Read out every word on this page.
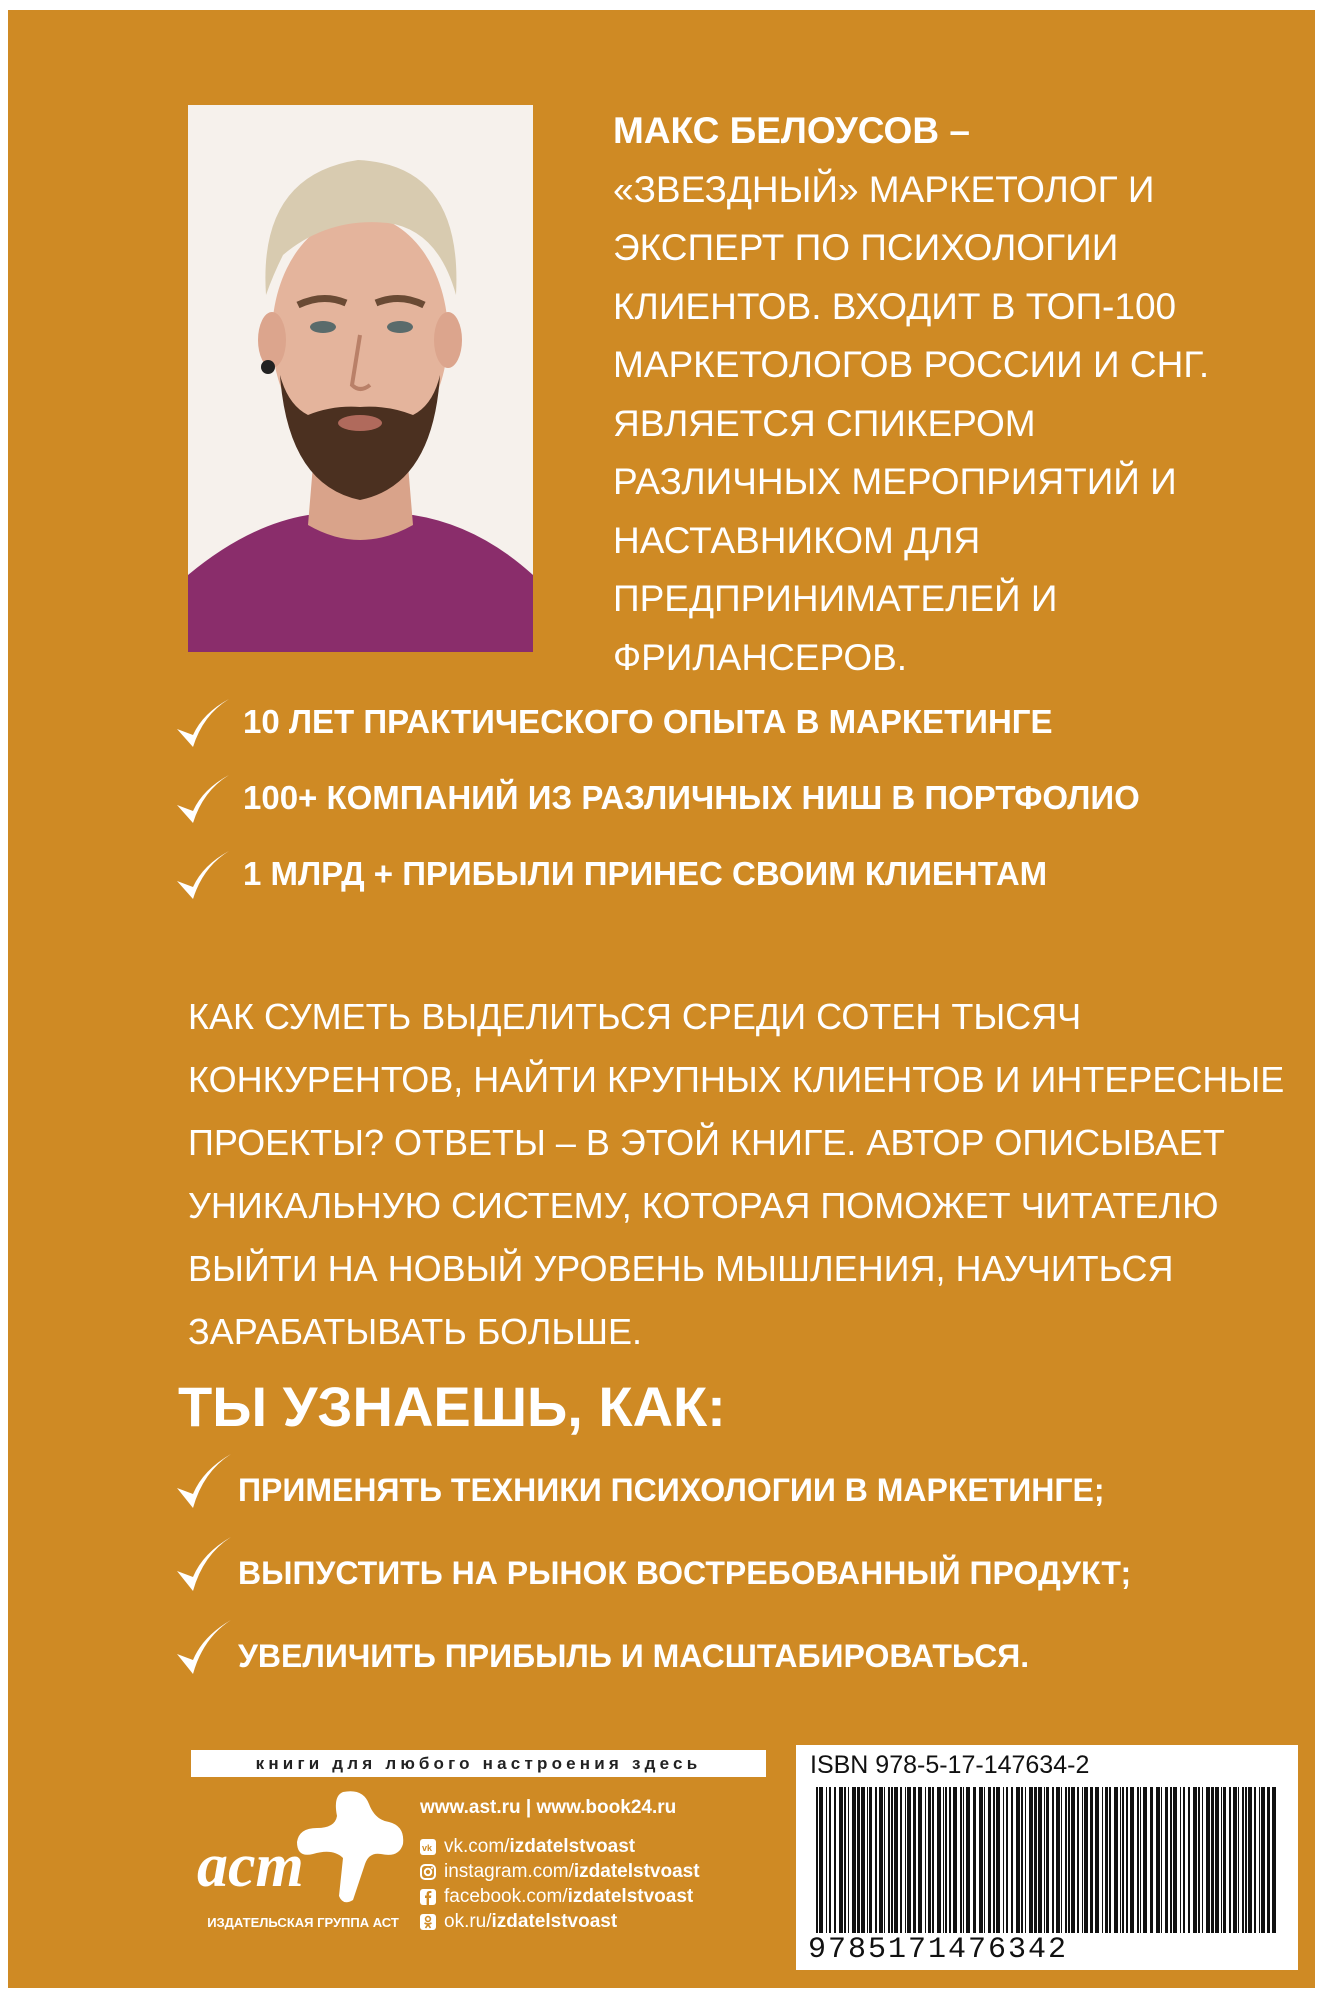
МАКС БЕЛОУСОВ –
«ЗВЕЗДНЫЙ» МАРКЕТОЛОГ И
ЭКСПЕРТ ПО ПСИХОЛОГИИ
КЛИЕНТОВ. ВХОДИТ В ТОП-100
МАРКЕТОЛОГОВ РОССИИ И СНГ.
ЯВЛЯЕТСЯ СПИКЕРОМ
РАЗЛИЧНЫХ МЕРОПРИЯТИЙ И
НАСТАВНИКОМ ДЛЯ
ПРЕДПРИНИМАТЕЛЕЙ И
ФРИЛАНСЕРОВ.
10 ЛЕТ ПРАКТИЧЕСКОГО ОПЫТА В МАРКЕТИНГЕ
100+ КОМПАНИЙ ИЗ РАЗЛИЧНЫХ НИШ В ПОРТФОЛИО
1 МЛРД + ПРИБЫЛИ ПРИНЕС СВОИМ КЛИЕНТАМ
КАК СУМЕТЬ ВЫДЕЛИТЬСЯ СРЕДИ СОТЕН ТЫСЯЧ
КОНКУРЕНТОВ, НАЙТИ КРУПНЫХ КЛИЕНТОВ И ИНТЕРЕСНЫЕ
ПРОЕКТЫ? ОТВЕТЫ – В ЭТОЙ КНИГЕ. АВТОР ОПИСЫВАЕТ
УНИКАЛЬНУЮ СИСТЕМУ, КОТОРАЯ ПОМОЖЕТ ЧИТАТЕЛЮ
ВЫЙТИ НА НОВЫЙ УРОВЕНЬ МЫШЛЕНИЯ, НАУЧИТЬСЯ
ЗАРАБАТЫВАТЬ БОЛЬШЕ.
ТЫ УЗНАЕШЬ, КАК:
ПРИМЕНЯТЬ ТЕХНИКИ ПСИХОЛОГИИ В МАРКЕТИНГЕ;
ВЫПУСТИТЬ НА РЫНОК ВОСТРЕБОВАННЫЙ ПРОДУКТ;
УВЕЛИЧИТЬ ПРИБЫЛЬ И МАСШТАБИРОВАТЬСЯ.
книги для любого настроения здесь
аст
ИЗДАТЕЛЬСКАЯ ГРУППА АСТ
www.ast.ru | www.book24.ru
vk vk.com/izdatelstvoast
instagram.com/izdatelstvoast
facebook.com/izdatelstvoast
ok.ru/izdatelstvoast
ISBN 978-5-17-147634-2
9785171476342
